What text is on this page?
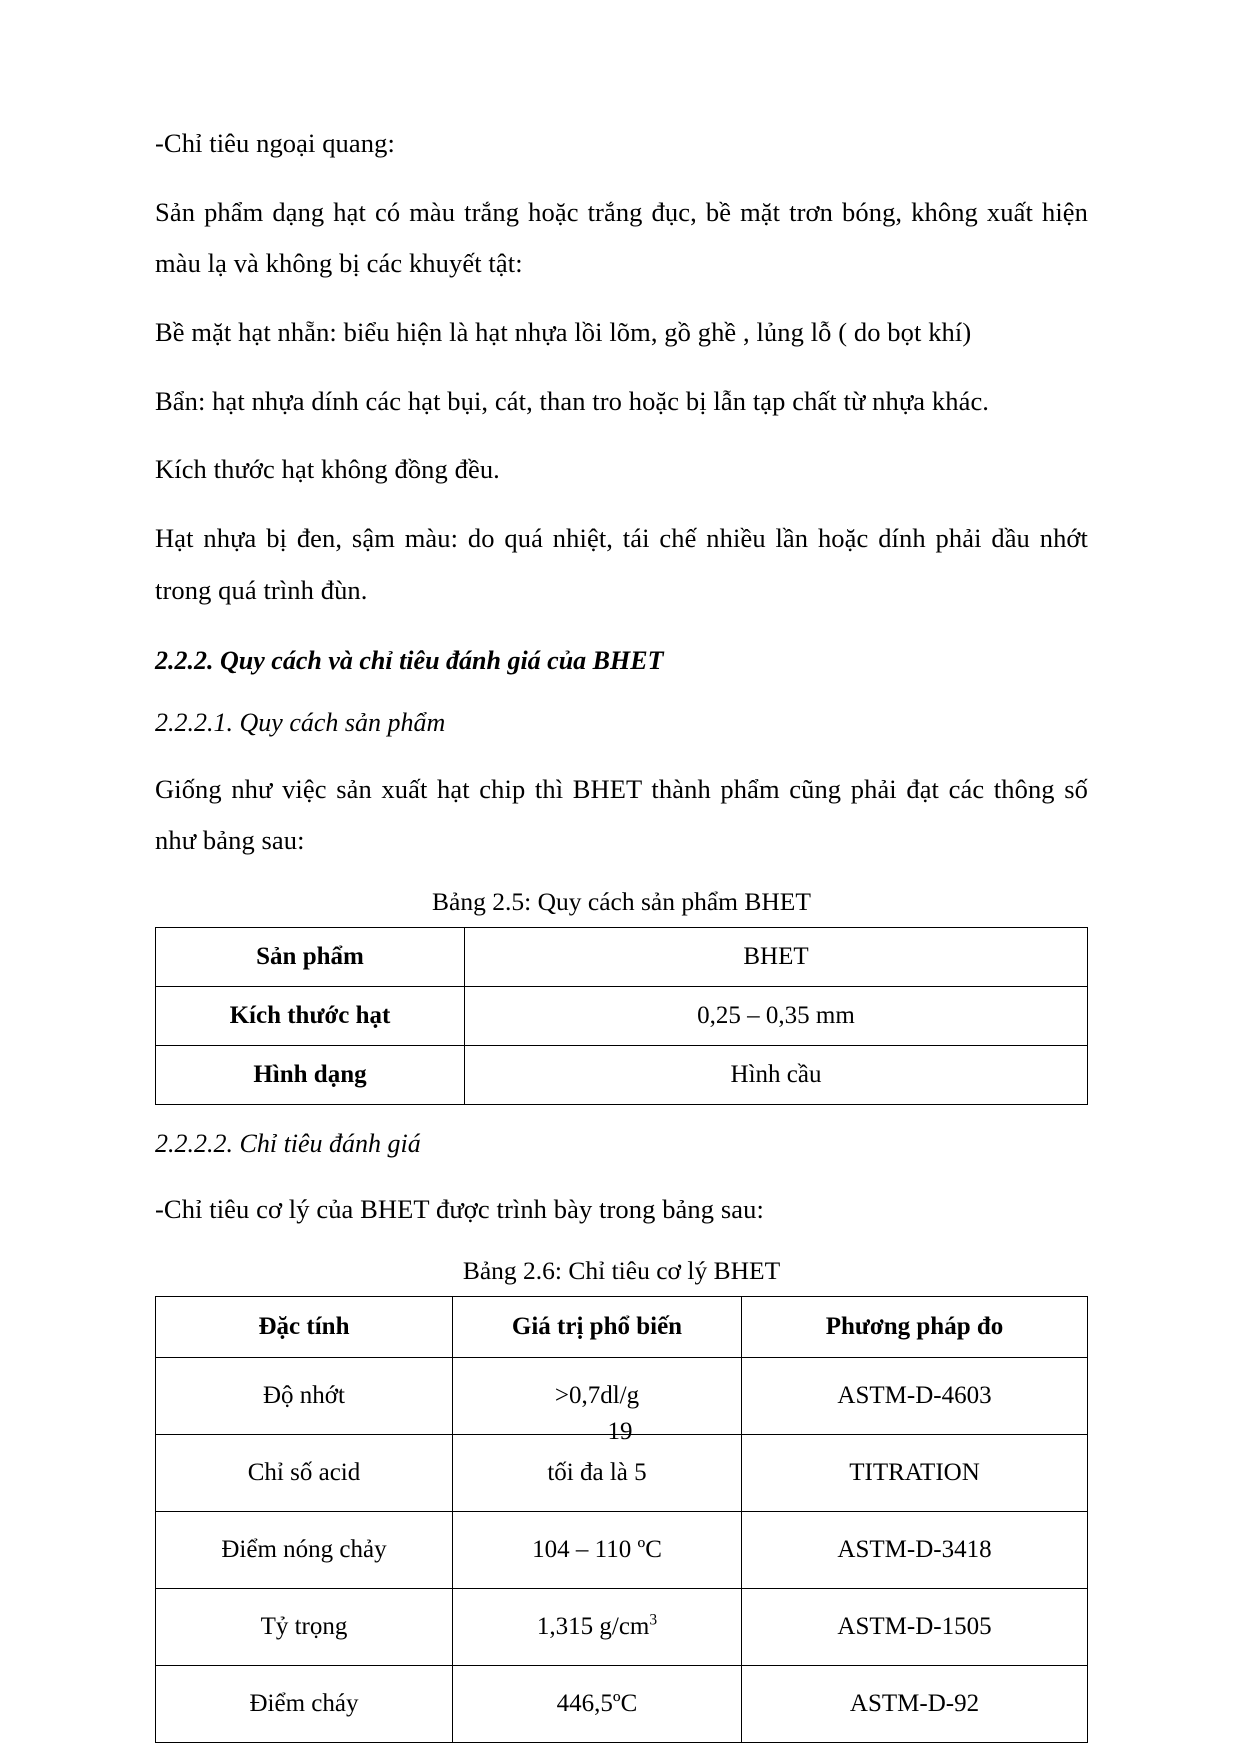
-Chỉ tiêu ngoại quang:

Sản phẩm dạng hạt có màu trắng hoặc trắng đục, bề mặt trơn bóng, không xuất hiện màu lạ và không bị các khuyết tật:

Bề mặt hạt nhẵn: biểu hiện là hạt nhựa lồi lõm, gồ ghề , lủng lỗ ( do bọt khí)

Bẩn: hạt nhựa dính các hạt bụi, cát, than tro hoặc bị lẫn tạp chất từ nhựa khác.

Kích thước hạt không đồng đều.

Hạt nhựa bị đen, sậm màu: do quá nhiệt, tái chế nhiều lần hoặc dính phải dầu nhớt trong quá trình đùn.

2.2.2. Quy cách và chỉ tiêu đánh giá của BHET
2.2.2.1. Quy cách sản phẩm

Giống như việc sản xuất hạt chip thì BHET thành phẩm cũng phải đạt các thông số như bảng sau:

Bảng 2.5: Quy cách sản phẩm BHET
Sản phẩm	BHET
Kích thước hạt	0,25 – 0,35 mm
Hình dạng	Hình cầu
2.2.2.2. Chỉ tiêu đánh giá

-Chỉ tiêu cơ lý của BHET được trình bày trong bảng sau:

Bảng 2.6: Chỉ tiêu cơ lý BHET
Đặc tính	Giá trị phổ biến	Phương pháp đo
Độ nhớt	>0,7dl/g	ASTM-D-4603
Chỉ số acid	tối đa là 5	TITRATION
Điểm nóng chảy	104 – 110 ºC	ASTM-D-3418
Tỷ trọng	1,315 $g/cm^3$	ASTM-D-1505
Điểm cháy	446,5ºC	ASTM-D-92
19
